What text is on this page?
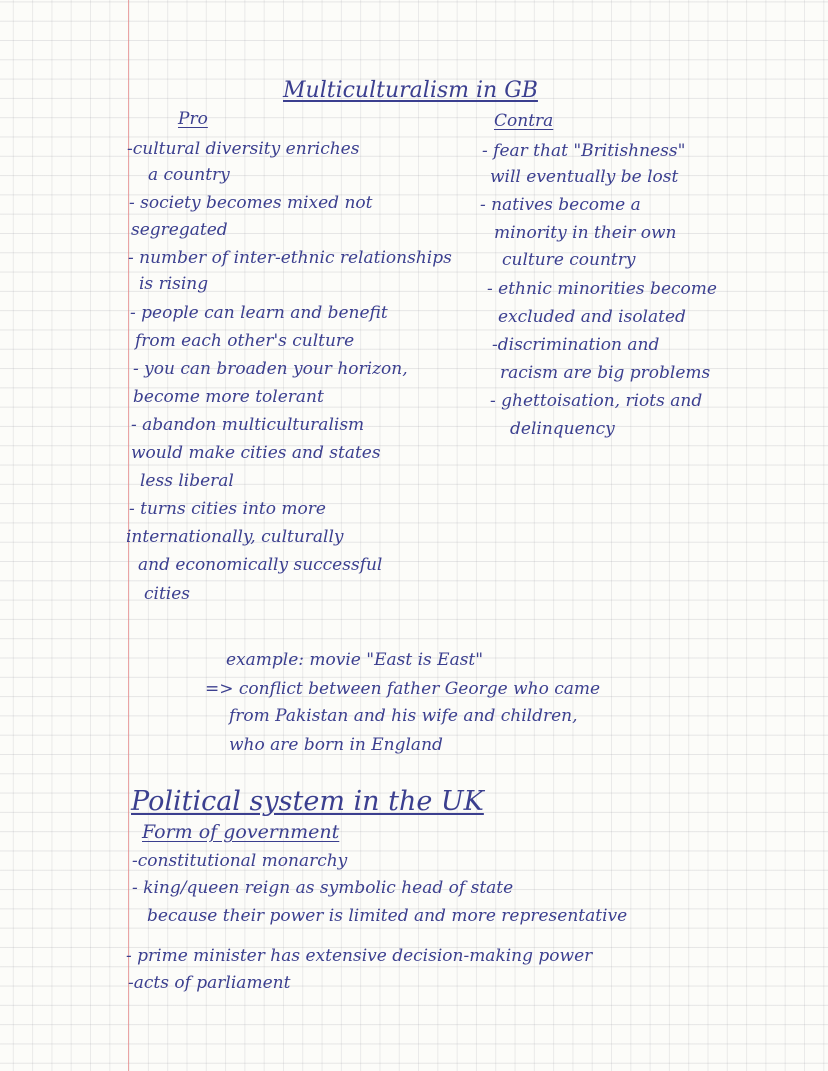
Multiculturalism in GB
Pro	Contra
-cultural diversity enriches
a country
- society becomes mixed not
segregated
- number of inter-ethnic relationships
is rising
- people can learn and benefit
from each other's culture
- you can broaden your horizon,
become more tolerant
- abandon multiculturalism
would make cities and states
less liberal
- turns cities into more
internationally, culturally
and economically successful
cities
- fear that "Britishness"
will eventually be lost
- natives become a
minority in their own
culture country
- ethnic minorities become
excluded and isolated
-discrimination and
racism are big problems
- ghettoisation, riots and
delinquency
example: movie "East is East"
=> conflict between father George who came
from Pakistan and his wife and children,
who are born in England
Political system in the UK
Form of government
-constitutional monarchy
- king/queen reign as symbolic head of state
because their power is limited and more representative
- prime minister has extensive decision-making power
-acts of parliament
